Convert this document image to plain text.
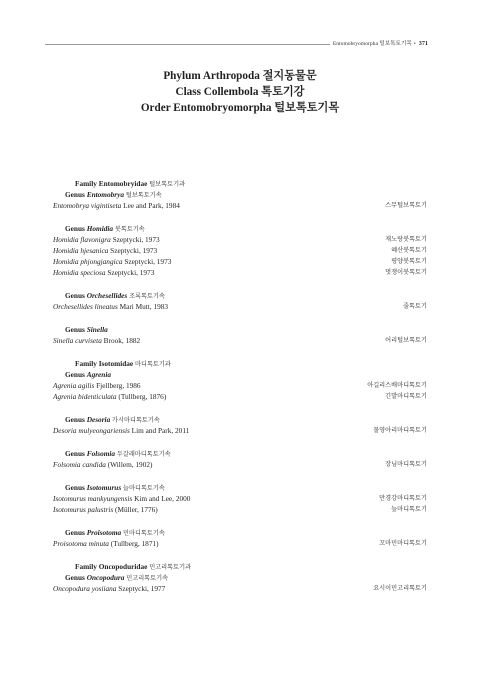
Entomobryomorpha 털보톡토기목 • 371
Phylum Arthropoda 절지동물문
Class Collembola 톡토기강
Order Entomobryomorpha 털보톡토기목
Family Entomobryidae 털보톡토기과
Genus Entomobrya 털보톡토기속
Entomobrya vigintiseta Lee and Park, 1984	스무털보톡토기
Genus Homidia 붓톡토기속
Homidia flavonigra Szeptycki, 1973	재노랑붓톡토기
Homidia hjesanica Szeptycki, 1973	혜산붓톡토기
Homidia phjongjangica Szeptycki, 1973	평양붓톡토기
Homidia speciosa Szeptycki, 1973	멋쟁이붓톡토기
Genus Orchesellides 조록톡토기속
Orchesellides lineatus Mari Mutt, 1983	줄톡토기
Genus Sinella
Sinella curviseta Brook, 1882	어리털보톡토기
Family Isotomidae 마디톡토기과
Genus Agrenia
Agrenia agilis Fjellberg, 1986	아길리스배마디톡토기
Agrenia bidenticulata (Tullberg, 1876)	긴발마디톡토기
Genus Desoria 가시마디톡토기속
Desoria mulyeongariensis Lim and Park, 2011	물영아리마디톡토기
Genus Folsomia 두갈래마디톡토기속
Folsomia candida (Willem, 1902)	장님마디톡토기
Genus Isotomurus 늘마디톡토기속
Isotomurus mankyungensis Kim and Lee, 2000	만경강마디톡토기
Isotomurus palustris (Müller, 1776)	늪마디톡토기
Genus Proisotoma 민마디톡토기속
Proisotoma minuta (Tullberg, 1871)	꼬마민마디톡토기
Family Oncopoduridae 민고리톡토기과
Genus Oncopodura 민고리톡토기속
Oncopodura yosiiana Szeptycki, 1977	요시이민고리톡토기
